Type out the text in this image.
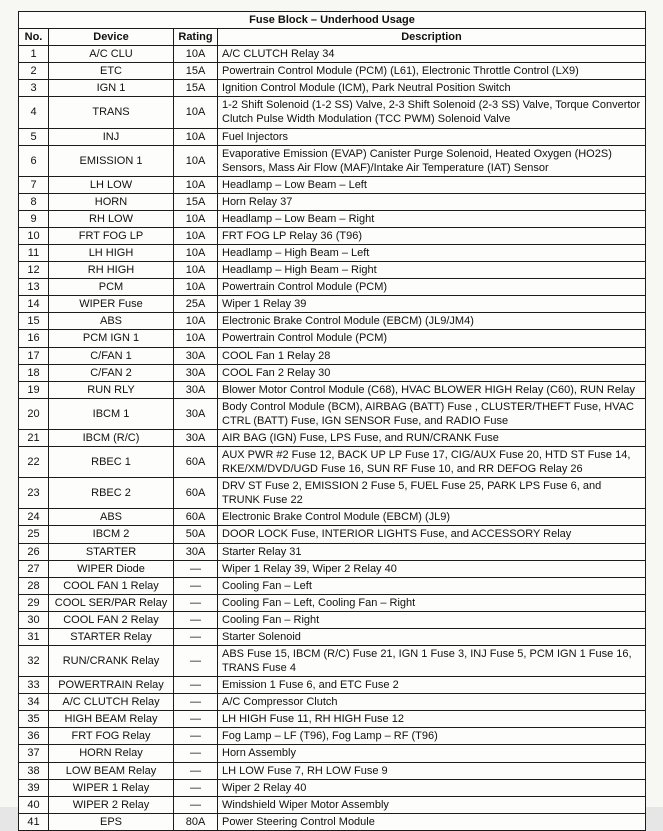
Fuse Block – Underhood Usage			
No.	Device	Rating	Description
1	A/C CLU	10A	A/C CLUTCH Relay 34
2	ETC	15A	Powertrain Control Module (PCM) (L61), Electronic Throttle Control (LX9)
3	IGN 1	15A	Ignition Control Module (ICM), Park Neutral Position Switch
4	TRANS	10A	1-2 Shift Solenoid (1-2 SS) Valve, 2-3 Shift Solenoid (2-3 SS) Valve, Torque Convertor Clutch Pulse Width Modulation (TCC PWM) Solenoid Valve
5	INJ	10A	Fuel Injectors
6	EMISSION 1	10A	Evaporative Emission (EVAP) Canister Purge Solenoid, Heated Oxygen (HO2S) Sensors, Mass Air Flow (MAF)/Intake Air Temperature (IAT) Sensor
7	LH LOW	10A	Headlamp – Low Beam – Left
8	HORN	15A	Horn Relay 37
9	RH LOW	10A	Headlamp – Low Beam – Right
10	FRT FOG LP	10A	FRT FOG LP Relay 36 (T96)
11	LH HIGH	10A	Headlamp – High Beam – Left
12	RH HIGH	10A	Headlamp – High Beam – Right
13	PCM	10A	Powertrain Control Module (PCM)
14	WIPER Fuse	25A	Wiper 1 Relay 39
15	ABS	10A	Electronic Brake Control Module (EBCM) (JL9/JM4)
16	PCM IGN 1	10A	Powertrain Control Module (PCM)
17	C/FAN 1	30A	COOL Fan 1 Relay 28
18	C/FAN 2	30A	COOL Fan 2 Relay 30
19	RUN RLY	30A	Blower Motor Control Module (C68), HVAC BLOWER HIGH Relay (C60), RUN Relay
20	IBCM 1	30A	Body Control Module (BCM), AIRBAG (BATT) Fuse , CLUSTER/THEFT Fuse, HVAC CTRL (BATT) Fuse, IGN SENSOR Fuse, and RADIO Fuse
21	IBCM (R/C)	30A	AIR BAG (IGN) Fuse, LPS Fuse, and RUN/CRANK Fuse
22	RBEC 1	60A	AUX PWR #2 Fuse 12, BACK UP LP Fuse 17, CIG/AUX Fuse 20, HTD ST Fuse 14, RKE/XM/DVD/UGD Fuse 16, SUN RF Fuse 10, and RR DEFOG Relay 26
23	RBEC 2	60A	DRV ST Fuse 2, EMISSION 2 Fuse 5, FUEL Fuse 25, PARK LPS Fuse 6, and TRUNK Fuse 22
24	ABS	60A	Electronic Brake Control Module (EBCM) (JL9)
25	IBCM 2	50A	DOOR LOCK Fuse, INTERIOR LIGHTS Fuse, and ACCESSORY Relay
26	STARTER	30A	Starter Relay 31
27	WIPER Diode	—	Wiper 1 Relay 39, Wiper 2 Relay 40
28	COOL FAN 1 Relay	—	Cooling Fan – Left
29	COOL SER/PAR Relay	—	Cooling Fan – Left, Cooling Fan – Right
30	COOL FAN 2 Relay	—	Cooling Fan – Right
31	STARTER Relay	—	Starter Solenoid
32	RUN/CRANK Relay	—	ABS Fuse 15, IBCM (R/C) Fuse 21, IGN 1 Fuse 3, INJ Fuse 5, PCM IGN 1 Fuse 16, TRANS Fuse 4
33	POWERTRAIN Relay	—	Emission 1 Fuse 6, and ETC Fuse 2
34	A/C CLUTCH Relay	—	A/C Compressor Clutch
35	HIGH BEAM Relay	—	LH HIGH Fuse 11, RH HIGH Fuse 12
36	FRT FOG Relay	—	Fog Lamp – LF (T96), Fog Lamp – RF (T96)
37	HORN Relay	—	Horn Assembly
38	LOW BEAM Relay	—	LH LOW Fuse 7, RH LOW Fuse 9
39	WIPER 1 Relay	—	Wiper 2 Relay 40
40	WIPER 2 Relay	—	Windshield Wiper Motor Assembly
41	EPS	80A	Power Steering Control Module
